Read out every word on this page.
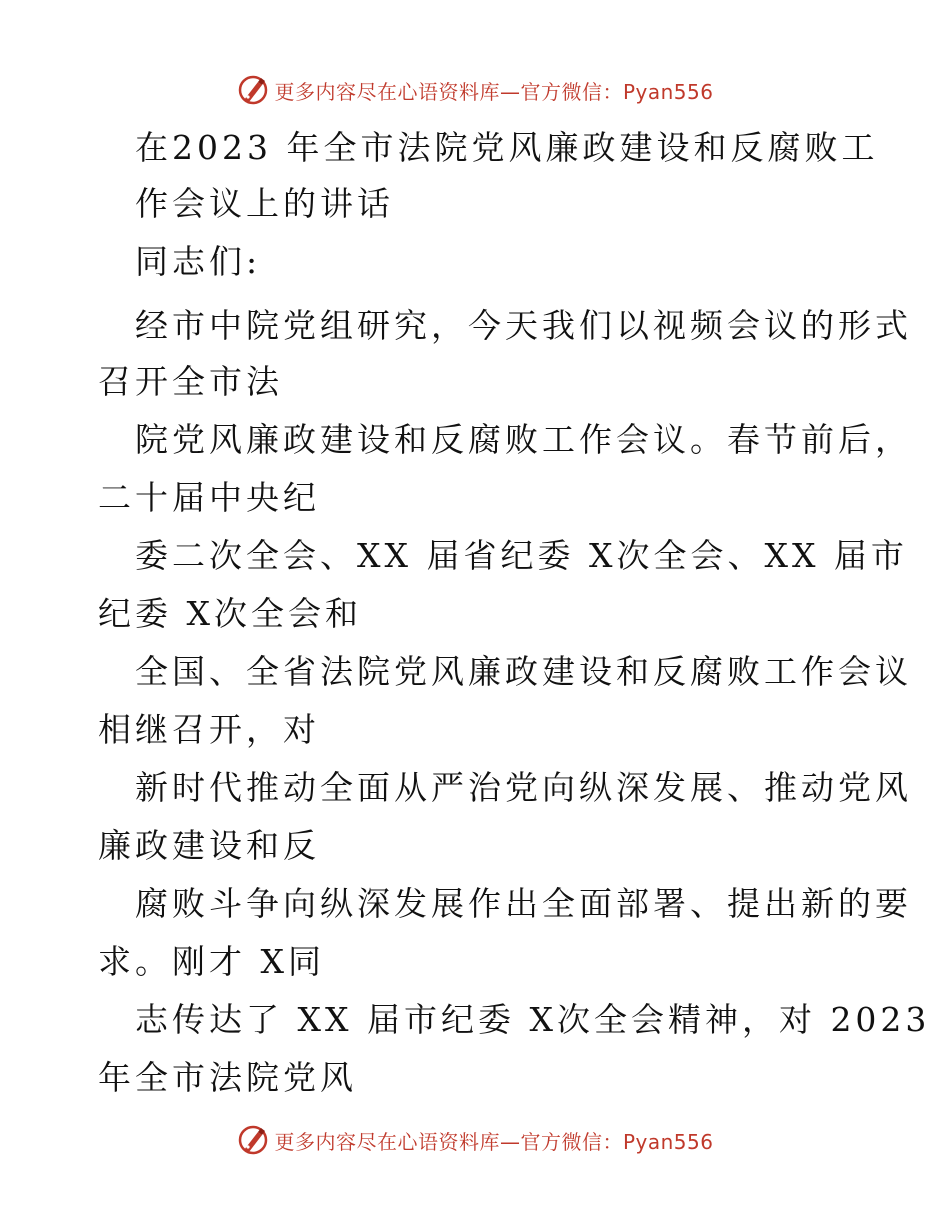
更多内容尽在心语资料库—官方微信：Pyan556
在2023 年全市法院党风廉政建设和反腐败工
作会议上的讲话
同志们:
经市中院党组研究，今天我们以视频会议的形式
召开全市法
院党风廉政建设和反腐败工作会议。春节前后，
二十届中央纪
委二次全会、XX 届省纪委 X次全会、XX 届市
纪委 X次全会和
全国、全省法院党风廉政建设和反腐败工作会议
相继召开，对
新时代推动全面从严治党向纵深发展、推动党风
廉政建设和反
腐败斗争向纵深发展作出全面部署、提出新的要
求。刚才 X同
志传达了 XX 届市纪委 X次全会精神，对 2023
年全市法院党风
更多内容尽在心语资料库—官方微信：Pyan556
